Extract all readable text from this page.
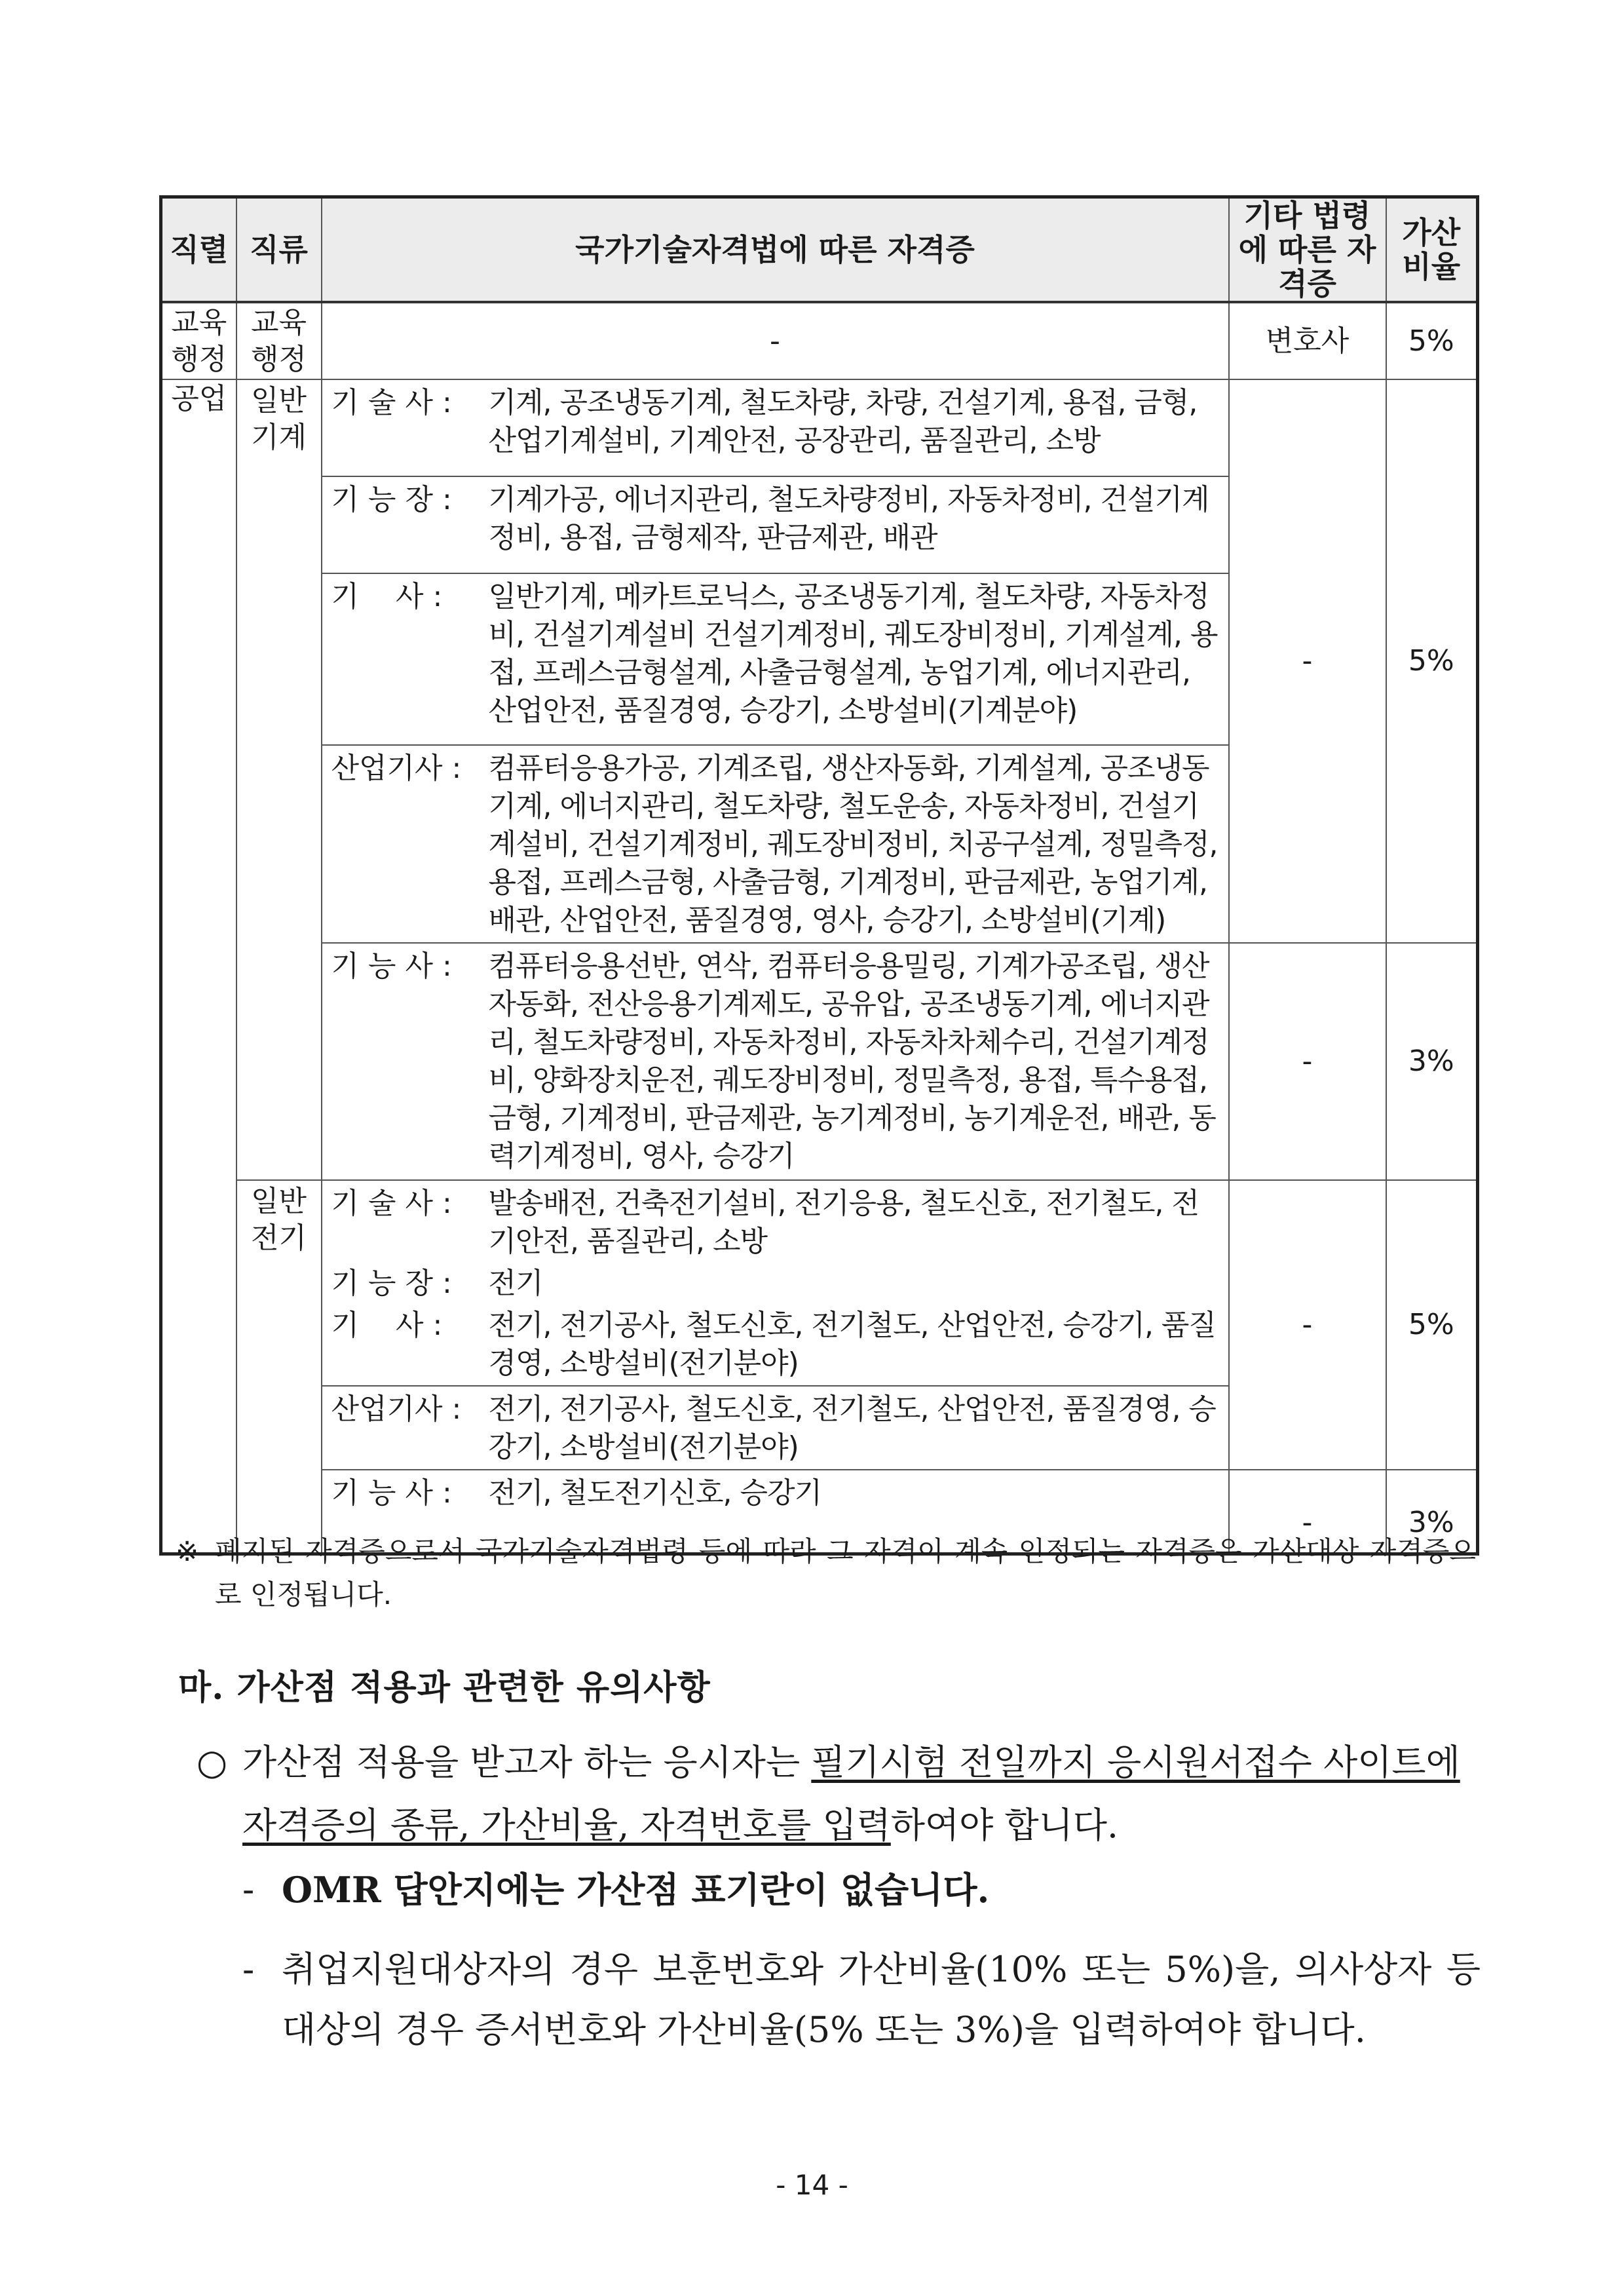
직렬	직류	국가기술자격법에 따른 자격증	기타 법령에 따른 자격증	가산 비율
교육 행정	교육 행정	-	변호사	5%
공업	일반 기계	기 술 사 : 기계, 공조냉동기계, 철도차량, 차량, 건설기계, 용접, 금형, 산업기계설비, 기계안전, 공장관리, 품질관리, 소방	-	5%

		기 능 장 : 기계가공, 에너지관리, 철도차량정비, 자동차정비, 건설기계정비, 용접, 금형제작, 판금제관, 배관		

		기    사 : 일반기계, 메카트로닉스, 공조냉동기계, 철도차량, 자동차정비, 건설기계설비 건설기계정비, 궤도장비정비, 기계설계, 용접, 프레스금형설계, 사출금형설계, 농업기계, 에너지관리, 산업안전, 품질경영, 승강기, 소방설비(기계분야)		

		산업기사 : 컴퓨터응용가공, 기계조립, 생산자동화, 기계설계, 공조냉동기계, 에너지관리, 철도차량, 철도운송, 자동차정비, 건설기계설비, 건설기계정비, 궤도장비정비, 치공구설계, 정밀측정, 용접, 프레스금형, 사출금형, 기계정비, 판금제관, 농업기계, 배관, 산업안전, 품질경영, 영사, 승강기, 소방설비(기계)		

		기 능 사 : 컴퓨터응용선반, 연삭, 컴퓨터응용밀링, 기계가공조립, 생산자동화, 전산응용기계제도, 공유압, 공조냉동기계, 에너지관리, 철도차량정비, 자동차정비, 자동차차체수리, 건설기계정비, 양화장치운전, 궤도장비정비, 정밀측정, 용접, 특수용접, 금형, 기계정비, 판금제관, 농기계정비, 농기계운전, 배관, 동력기계정비, 영사, 승강기	-	3%
	일반 전기	기 술 사 : 발송배전, 건축전기설비, 전기응용, 철도신호, 전기철도, 전기안전, 품질관리, 소방	-	5%

		기 능 장 : 전기		

		기    사 : 전기, 전기공사, 철도신호, 전기철도, 산업안전, 승강기, 품질경영, 소방설비(전기분야)		

		산업기사 : 전기, 전기공사, 철도신호, 전기철도, 산업안전, 품질경영, 승강기, 소방설비(전기분야)		

		기 능 사 : 전기, 철도전기신호, 승강기	-	3%
※ 폐지된 자격증으로서 국가기술자격법령 등에 따라 그 자격이 계속 인정되는 자격증은 가산대상 자격증으로 인정됩니다.
마. 가산점 적용과 관련한 유의사항
○ 가산점 적용을 받고자 하는 응시자는 필기시험 전일까지 응시원서접수 사이트에 자격증의 종류, 가산비율, 자격번호를 입력하여야 합니다.
- OMR 답안지에는 가산점 표기란이 없습니다.
- 취업지원대상자의 경우 보훈번호와 가산비율(10% 또는 5%)을, 의사상자 등 대상의 경우 증서번호와 가산비율(5% 또는 3%)을 입력하여야 합니다.
- 14 -
